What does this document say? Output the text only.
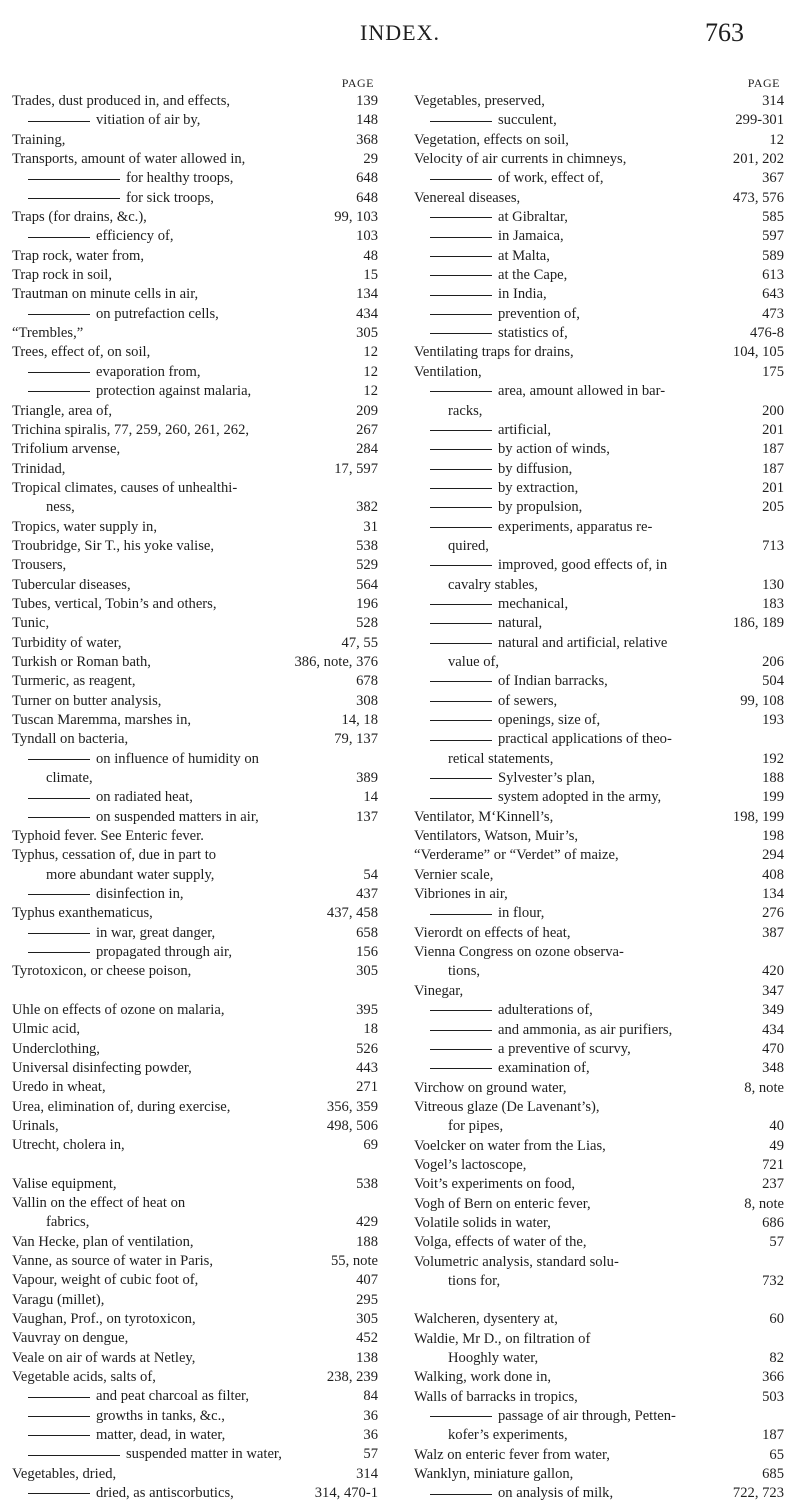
INDEX.	763
PAGE
Trades, dust produced in, and effects,	139
vitiation of air by,	148
Training,	368
Transports, amount of water allowed in,	29
for healthy troops,	648
for sick troops,	648
Traps (for drains, &c.),	99, 103
efficiency of,	103
Trap rock, water from,	48
Trap rock in soil,	15
Trautman on minute cells in air,	134
on putrefaction cells,	434
“Trembles,”	305
Trees, effect of, on soil,	12
evaporation from,	12
protection against malaria,	12
Triangle, area of,	209
Trichina spiralis, 77, 259, 260, 261, 262,	267
Trifolium arvense,	284
Trinidad,	17, 597
Tropical climates, causes of unhealthi-
ness,	382
Tropics, water supply in,	31
Troubridge, Sir T., his yoke valise,	538
Trousers,	529
Tubercular diseases,	564
Tubes, vertical, Tobin’s and others,	196
Tunic,	528
Turbidity of water,	47, 55
Turkish or Roman bath,	386, note, 376
Turmeric, as reagent,	678
Turner on butter analysis,	308
Tuscan Maremma, marshes in,	14, 18
Tyndall on bacteria,	79, 137
on influence of humidity on
climate,	389
on radiated heat,	14
on suspended matters in air,	137
Typhoid fever. See Enteric fever.
Typhus, cessation of, due in part to
more abundant water supply,	54
disinfection in,	437
Typhus exanthematicus,	437, 458
in war, great danger,	658
propagated through air,	156
Tyrotoxicon, or cheese poison,	305
Uhle on effects of ozone on malaria,	395
Ulmic acid,	18
Underclothing,	526
Universal disinfecting powder,	443
Uredo in wheat,	271
Urea, elimination of, during exercise,	356, 359
Urinals,	498, 506
Utrecht, cholera in,	69
Valise equipment,	538
Vallin on the effect of heat on
fabrics,	429
Van Hecke, plan of ventilation,	188
Vanne, as source of water in Paris,	55, note
Vapour, weight of cubic foot of,	407
Varagu (millet),	295
Vaughan, Prof., on tyrotoxicon,	305
Vauvray on dengue,	452
Veale on air of wards at Netley,	138
Vegetable acids, salts of,	238, 239
and peat charcoal as filter,	84
growths in tanks, &c.,	36
matter, dead, in water,	36
suspended matter in water,	57
Vegetables, dried,	314
dried, as antiscorbutics,	314, 470-1
PAGE
Vegetables, preserved,	314
succulent,	299-301
Vegetation, effects on soil,	12
Velocity of air currents in chimneys,	201, 202
of work, effect of,	367
Venereal diseases,	473, 576
at Gibraltar,	585
in Jamaica,	597
at Malta,	589
at the Cape,	613
in India,	643
prevention of,	473
statistics of,	476-8
Ventilating traps for drains,	104, 105
Ventilation,	175
area, amount allowed in bar-
racks,	200
artificial,	201
by action of winds,	187
by diffusion,	187
by extraction,	201
by propulsion,	205
experiments, apparatus re-
quired,	713
improved, good effects of, in
cavalry stables,	130
mechanical,	183
natural,	186, 189
natural and artificial, relative
value of,	206
of Indian barracks,	504
of sewers,	99, 108
openings, size of,	193
practical applications of theo-
retical statements,	192
Sylvester’s plan,	188
system adopted in the army,	199
Ventilator, M‘Kinnell’s,	198, 199
Ventilators, Watson, Muir’s,	198
“Verderame” or “Verdet” of maize,	294
Vernier scale,	408
Vibriones in air,	134
in flour,	276
Vierordt on effects of heat,	387
Vienna Congress on ozone observa-
tions,	420
Vinegar,	347
adulterations of,	349
and ammonia, as air purifiers,	434
a preventive of scurvy,	470
examination of,	348
Virchow on ground water,	8, note
Vitreous glaze (De Lavenant’s),
for pipes,	40
Voelcker on water from the Lias,	49
Vogel’s lactoscope,	721
Voit’s experiments on food,	237
Vogh of Bern on enteric fever,	8, note
Volatile solids in water,	686
Volga, effects of water of the,	57
Volumetric analysis, standard solu-
tions for,	732
Walcheren, dysentery at,	60
Waldie, Mr D., on filtration of
Hooghly water,	82
Walking, work done in,	366
Walls of barracks in tropics,	503
passage of air through, Petten-
kofer’s experiments,	187
Walz on enteric fever from water,	65
Wanklyn, miniature gallon,	685
on analysis of milk,	722, 723
